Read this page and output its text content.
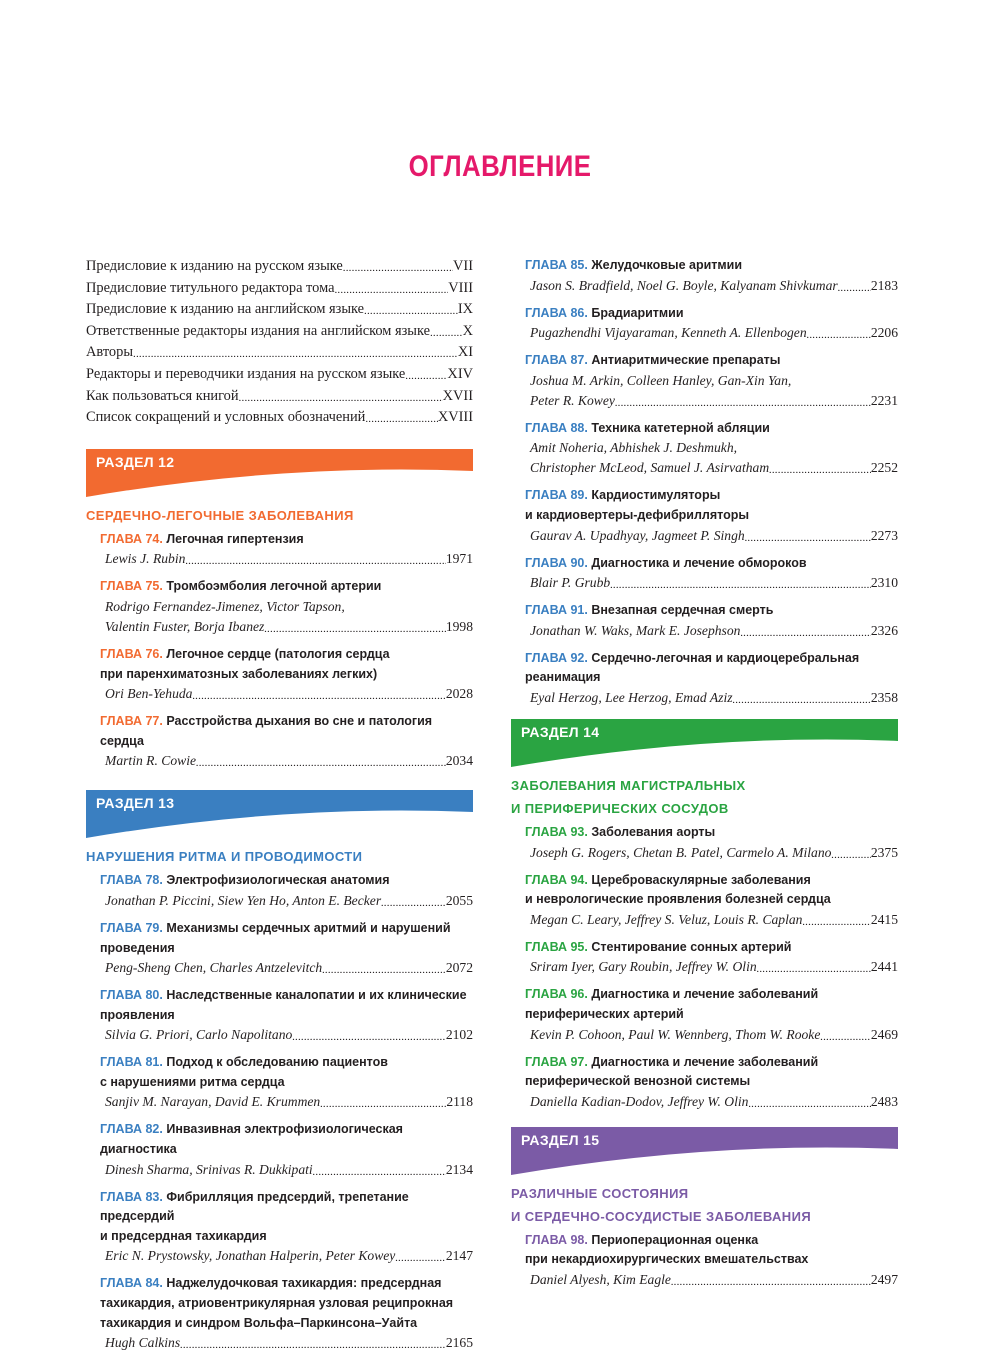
ОГЛАВЛЕНИЕ
Предисловие к изданию на русском языке .....	VII
Предисловие титульного редактора тома .....	VIII
Предисловие к изданию на английском языке .....	IX
Ответственные редакторы издания на английском языке ..... X
Авторы .....	XI
Редакторы и переводчики издания на русском языке .....	XIV
Как пользоваться книгой .....	XVII
Список сокращений и условных обозначений .....	XVIII
РАЗДЕЛ 12
СЕРДЕЧНО-ЛЕГОЧНЫЕ ЗАБОЛЕВАНИЯ
ГЛАВА 74. Легочная гипертензия
Lewis J. Rubin .....	1971
ГЛАВА 75. Тромбоэмболия легочной артерии
Rodrigo Fernandez-Jimenez, Victor Tapson,
Valentin Fuster, Borja Ibanez .....	1998
ГЛАВА 76. Легочное сердце (патология сердца
при паренхиматозных заболеваниях легких)
Ori Ben-Yehuda .....	2028
ГЛАВА 77. Расстройства дыхания во сне и патология сердца
Martin R. Cowie .....	2034
РАЗДЕЛ 13
НАРУШЕНИЯ РИТМА И ПРОВОДИМОСТИ
ГЛАВА 78. Электрофизиологическая анатомия
Jonathan P. Piccini, Siew Yen Ho, Anton E. Becker .....	2055
ГЛАВА 79. Механизмы сердечных аритмий и нарушений
проведения
Peng-Sheng Chen, Charles Antzelevitch .....	2072
ГЛАВА 80. Наследственные каналопатии и их клинические
проявления
Silvia G. Priori, Carlo Napolitano .....	2102
ГЛАВА 81. Подход к обследованию пациентов
с нарушениями ритма сердца
Sanjiv M. Narayan, David E. Krummen .....	2118
ГЛАВА 82. Инвазивная электрофизиологическая диагностика
Dinesh Sharma, Srinivas R. Dukkipati .....	2134
ГЛАВА 83. Фибрилляция предсердий, трепетание предсердий
и предсердная тахикардия
Eric N. Prystowsky, Jonathan Halperin, Peter Kowey .....	2147
ГЛАВА 84. Наджелудочковая тахикардия: предсердная
тахикардия, атриовентрикулярная узловая реципрокная
тахикардия и синдром Вольфа–Паркинсона–Уайта
Hugh Calkins .....	2165
ГЛАВА 85. Желудочковые аритмии
Jason S. Bradfield, Noel G. Boyle, Kalyanam Shivkumar ..... 2183
ГЛАВА 86. Брадиаритмии
Pugazhendhi Vijayaraman, Kenneth A. Ellenbogen .....	2206
ГЛАВА 87. Антиаритмические препараты
Joshua M. Arkin, Colleen Hanley, Gan-Xin Yan,
Peter R. Kowey .....	2231
ГЛАВА 88. Техника катетерной абляции
Amit Noheria, Abhishek J. Deshmukh,
Christopher McLeod, Samuel J. Asirvatham .....	2252
ГЛАВА 89. Кардиостимуляторы
и кардиовертеры-дефибрилляторы
Gaurav A. Upadhyay, Jagmeet P. Singh .....	2273
ГЛАВА 90. Диагностика и лечение обмороков
Blair P. Grubb .....	2310
ГЛАВА 91. Внезапная сердечная смерть
Jonathan W. Waks, Mark E. Josephson .....	2326
ГЛАВА 92. Сердечно-легочная и кардиоцеребральная
реанимация
Eyal Herzog, Lee Herzog, Emad Aziz .....	2358
РАЗДЕЛ 14
ЗАБОЛЕВАНИЯ МАГИСТРАЛЬНЫХ
И ПЕРИФЕРИЧЕСКИХ СОСУДОВ
ГЛАВА 93. Заболевания аорты
Joseph G. Rogers, Chetan B. Patel, Carmelo A. Milano .....	2375
ГЛАВА 94. Цереброваскулярные заболевания
и неврологические проявления болезней сердца
Megan C. Leary, Jeffrey S. Veluz, Louis R. Caplan .....	2415
ГЛАВА 95. Стентирование сонных артерий
Sriram Iyer, Gary Roubin, Jeffrey W. Olin .....	2441
ГЛАВА 96. Диагностика и лечение заболеваний
периферических артерий
Kevin P. Cohoon, Paul W. Wennberg, Thom W. Rooke .....	2469
ГЛАВА 97. Диагностика и лечение заболеваний
периферической венозной системы
Daniella Kadian-Dodov, Jeffrey W. Olin .....	2483
РАЗДЕЛ 15
РАЗЛИЧНЫЕ СОСТОЯНИЯ
И СЕРДЕЧНО-СОСУДИСТЫЕ ЗАБОЛЕВАНИЯ
ГЛАВА 98. Периоперационная оценка
при некардиохирургических вмешательствах
Daniel Alyesh, Kim Eagle .....	2497
